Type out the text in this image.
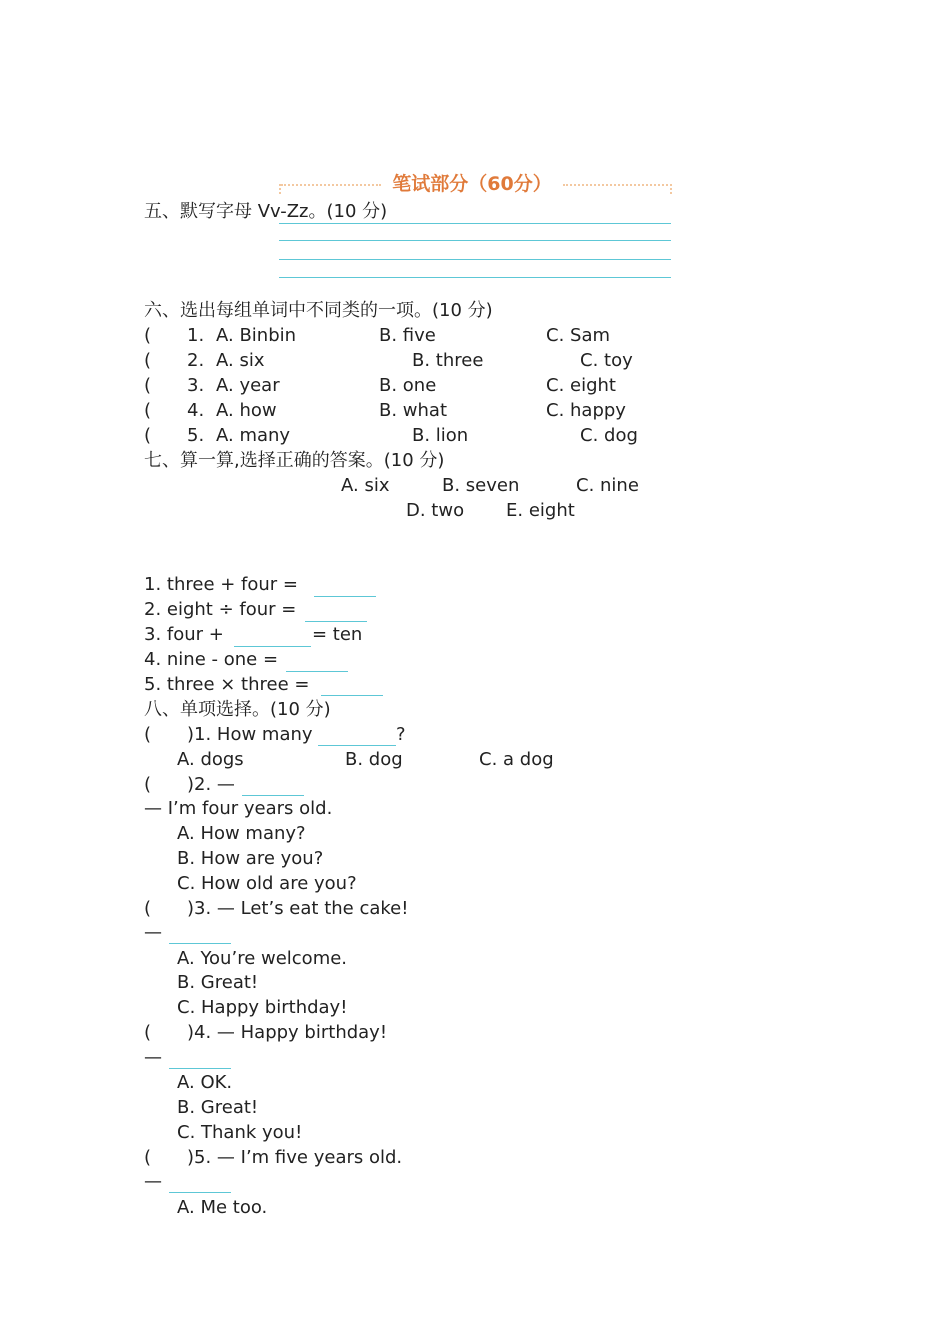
笔试部分（60分）
五、默写字母 Vv-Zz。(10 分)
六、选出每组单词中不同类的一项。(10 分)
( 1. A. Binbin	B. five	C. Sam
( 2. A. six	B. three	C. toy
( 3. A. year	B. one	C. eight
( 4. A. how	B. what	C. happy
( 5. A. many	B. lion	C. dog
七、算一算,选择正确的答案。(10 分)
A. six	B. seven	C. nine
D. two E. eight
1. three + four =
2. eight ÷ four =
3. four +	= ten
4. nine - one =
5. three × three =
八、单项选择。(10 分)
( )1. How many	?
A. dogs	B. dog	C. a dog
( )2. —
— I’m four years old.
A. How many?
B. How are you?
C. How old are you?
( )3. — Let’s eat the cake!
—
A. You’re welcome.
B. Great!
C. Happy birthday!
( )4. — Happy birthday!
—
A. OK.
B. Great!
C. Thank you!
( )5. — I’m five years old.
—
A. Me too.
